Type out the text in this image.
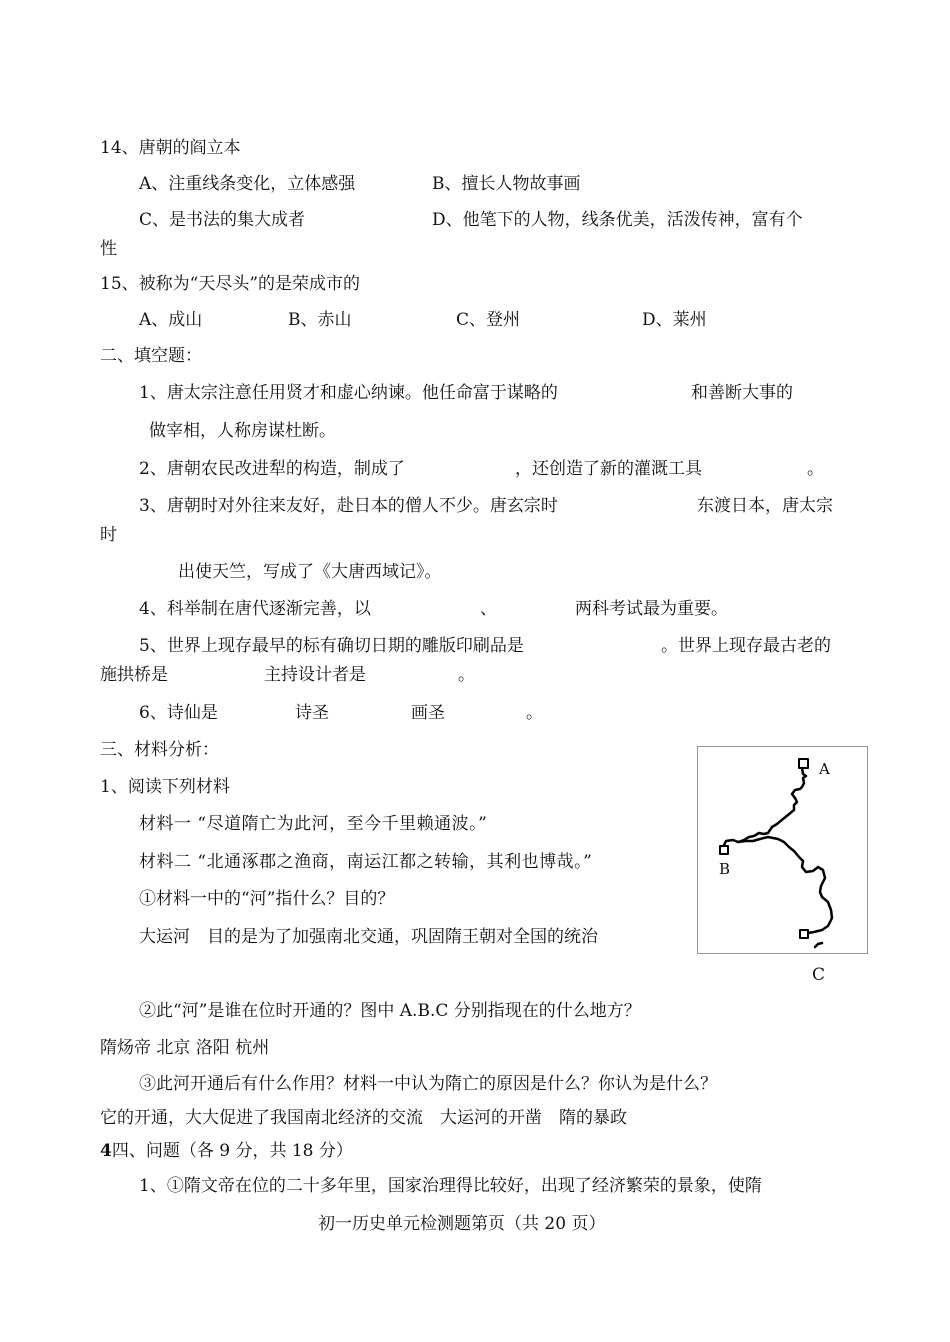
14、唐朝的阎立本
A、注重线条变化，立体感强	B、擅长人物故事画
C、是书法的集大成者	D、他笔下的人物，线条优美，活泼传神，富有个
性
15、被称为“天尽头”的是荣成市的
A、成山	B、赤山	C、登州	D、莱州
二、填空题：
1、唐太宗注意任用贤才和虚心纳谏。他任命富于谋略的	和善断大事的
做宰相，人称房谋杜断。
2、唐朝农民改进犁的构造，制成了	，还创造了新的灌溉工具	。
3、唐朝时对外往来友好，赴日本的僧人不少。唐玄宗时	东渡日本，唐太宗
时
出使天竺，写成了《大唐西域记》。
4、科举制在唐代逐渐完善，以	、	两科考试最为重要。
5、世界上现存最早的标有确切日期的雕版印刷品是	。世界上现存最古老的
施拱桥是	主持设计者是	。
6、诗仙是	诗圣	画圣	。
三、材料分析：
1、阅读下列材料
材料一 “尽道隋亡为此河，至今千里赖通波。”
材料二 “北通涿郡之渔商，南运江都之转输，其利也博哉。”
①材料一中的“河”指什么？目的？
大运河　目的是为了加强南北交通，巩固隋王朝对全国的统治
A
B
C
②此“河”是谁在位时开通的？图中 A.B.C 分别指现在的什么地方？
隋炀帝 北京 洛阳 杭州
③此河开通后有什么作用？材料一中认为隋亡的原因是什么？你认为是什么？
它的开通，大大促进了我国南北经济的交流　大运河的开凿　隋的暴政
4四、问题（各 9 分，共 18 分）
1、①隋文帝在位的二十多年里，国家治理得比较好，出现了经济繁荣的景象，使隋
初一历史单元检测题第页（共 20 页）
